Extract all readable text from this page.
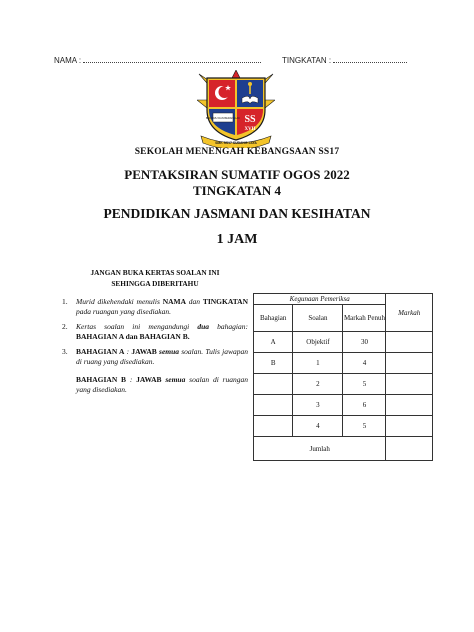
NAMA :	TINGKATAN :
BERILMU DAN BERAKHLAK SS
XVII
SMK SS17 SUBANG JAYA
SEKOLAH MENENGAH KEBANGSAAN SS17
PENTAKSIRAN SUMATIF OGOS 2022
TINGKATAN 4
PENDIDIKAN JASMANI DAN KESIHATAN
1 JAM
JANGAN BUKA KERTAS SOALAN INI
SEHINGGA DIBERITAHU
1. Murid dikehendaki menulis NAMA dan TINGKATAN pada ruangan yang disediakan.
2. Kertas soalan ini mengandungi dua bahagian: BAHAGIAN A dan BAHAGIAN B.
3. BAHAGIAN A : JAWAB semua soalan. Tulis jawapan di ruang yang disediakan.
BAHAGIAN B : JAWAB semua soalan di ruangan yang disediakan.
Kegunaan Pemeriksa			Markah
Bahagian	Soalan	Markah Penuh	
A	Objektif	30	
B	1	4	
	2	5	
	3	6	
	4	5	
Jumlah			
